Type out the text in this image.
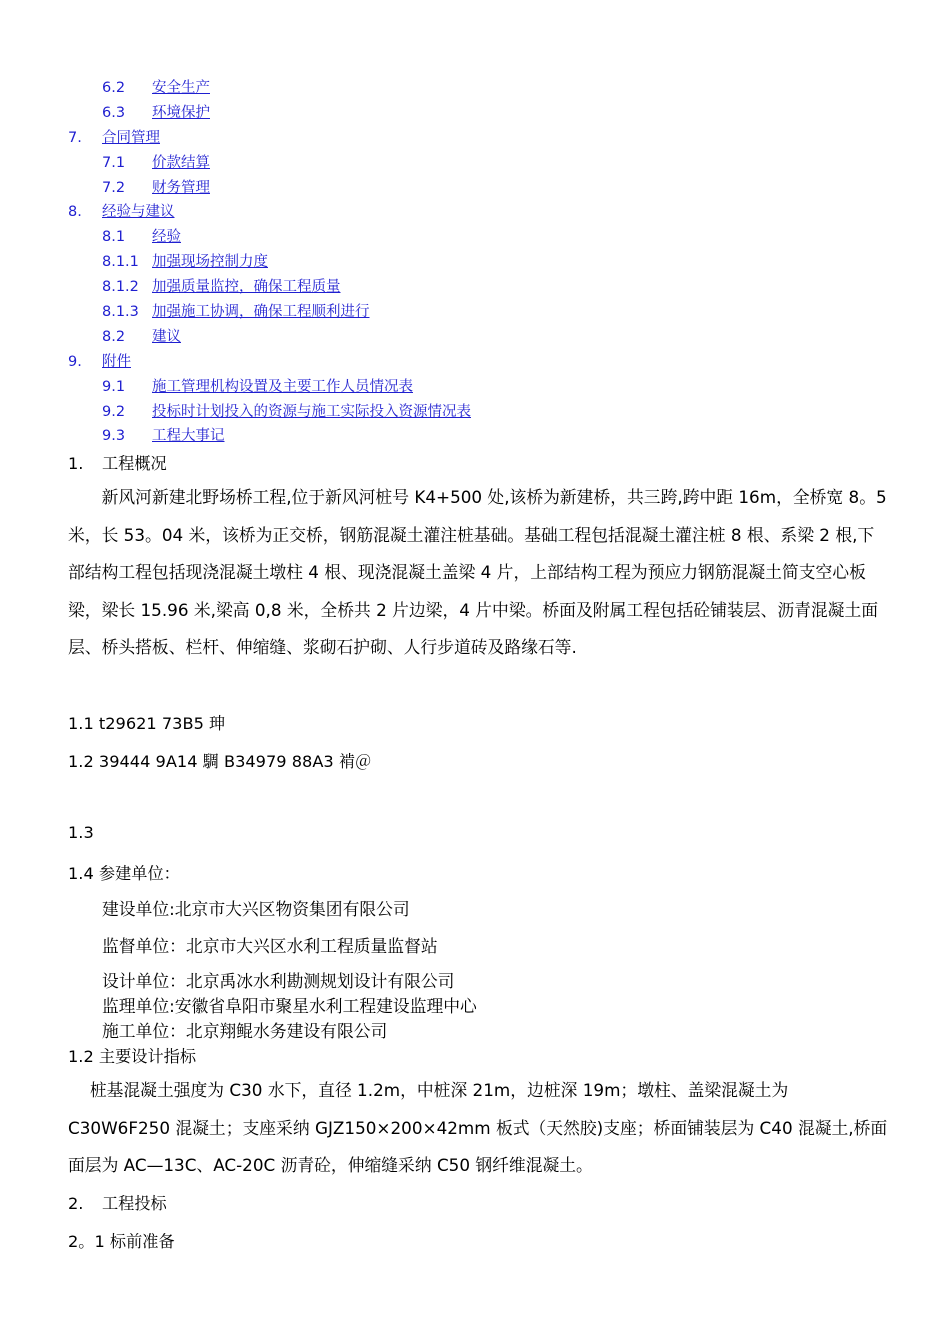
6.2 安全生产
6.3 环境保护
7. 合同管理
7.1 价款结算
7.2 财务管理
8. 经验与建议
8.1 经验
8.1.1 加强现场控制力度
8.1.2 加强质量监控，确保工程质量
8.1.3 加强施工协调，确保工程顺利进行
8.2 建议
9. 附件
9.1 施工管理机构设置及主要工作人员情况表
9.2 投标时计划投入的资源与施工实际投入资源情况表
9.3 工程大事记
1. 工程概况
新风河新建北野场桥工程,位于新风河桩号 K4+500 处,该桥为新建桥，共三跨,跨中距 16m，全桥宽 8。5 米，长 53。04 米，该桥为正交桥，钢筋混凝土灌注桩基础。基础工程包括混凝土灌注桩 8 根、系梁 2 根,下部结构工程包括现浇混凝土墩柱 4 根、现浇混凝土盖梁 4 片，上部结构工程为预应力钢筋混凝土简支空心板梁，梁长 15.96 米,梁高 0,8 米，全桥共 2 片边梁，4 片中梁。桥面及附属工程包括砼铺装层、沥青混凝土面层、桥头搭板、栏杆、伸缩缝、浆砌石护砌、人行步道砖及路缘石等.
1.1 t29621 73B5 珅
1.2 39444 9A14 騆 B34979 88A3 褃＠
1.3
1.4 参建单位：
建设单位:北京市大兴区物资集团有限公司
监督单位：北京市大兴区水利工程质量监督站
设计单位：北京禹冰水利勘测规划设计有限公司
监理单位:安徽省阜阳市聚星水利工程建设监理中心
施工单位：北京翔鲲水务建设有限公司
1.2 主要设计指标
桩基混凝土强度为 C30 水下，直径 1.2m，中桩深 21m，边桩深 19m；墩柱、盖梁混凝土为 C30W6F250 混凝土；支座采纳 GJZ150×200×42mm 板式（天然胶)支座；桥面铺装层为 C40 混凝土,桥面面层为 AC—13C、AC-20C 沥青砼，伸缩缝采纳 C50 钢纤维混凝土。
2. 工程投标
2。1 标前准备
